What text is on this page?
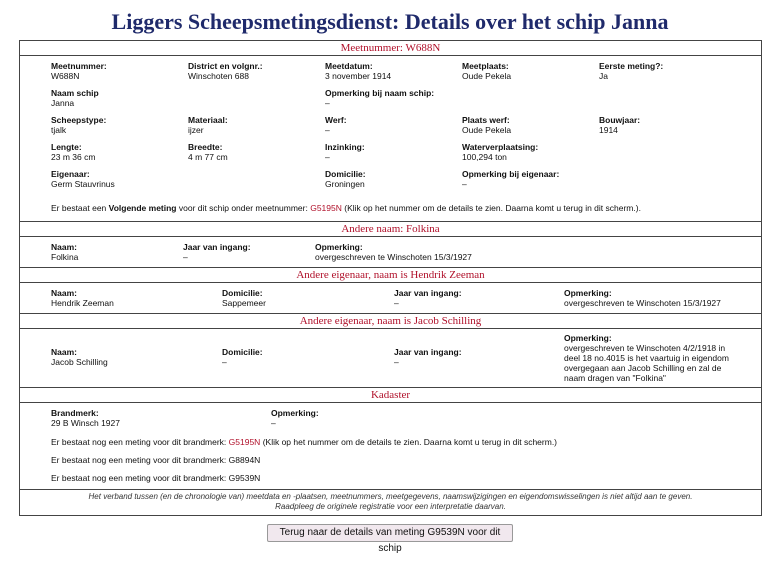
Liggers Scheepsmetingsdienst: Details over het schip Janna
Meetnummer: W688N
Meetnummer:
W688N
District en volgnr.:
Winschoten 688
Meetdatum:
3 november 1914
Meetplaats:
Oude Pekela
Eerste meting?:
Ja
Naam schip
Janna
Opmerking bij naam schip:
–
Scheepstype:
tjalk
Materiaal:
ijzer
Werf:
–
Plaats werf:
Oude Pekela
Bouwjaar:
1914
Lengte:
23 m 36 cm
Breedte:
4 m 77 cm
Inzinking:
–
Waterverplaatsing:
100,294 ton
Eigenaar:
Germ Stauvrinus
Domicilie:
Groningen
Opmerking bij eigenaar:
–
Er bestaat een Volgende meting voor dit schip onder meetnummer: G5195N (Klik op het nummer om de details te zien. Daarna komt u terug in dit scherm.).
Andere naam: Folkina
Naam:
Folkina
Jaar van ingang:
–
Opmerking:
overgeschreven te Winschoten 15/3/1927
Andere eigenaar, naam is Hendrik Zeeman
Naam:
Hendrik Zeeman
Domicilie:
Sappemeer
Jaar van ingang:
–
Opmerking:
overgeschreven te Winschoten 15/3/1927
Andere eigenaar, naam is Jacob Schilling
Naam:
Jacob Schilling
Domicilie:
–
Jaar van ingang:
–
Opmerking:
overgeschreven te Winschoten 4/2/1918 in
deel 18 no.4015 is het vaartuig in eigendom
overgegaan aan Jacob Schilling en zal de
naam dragen van "Folkina"
Kadaster
Brandmerk:
29 B Winsch 1927
Opmerking:
–
Er bestaat nog een meting voor dit brandmerk: G5195N (Klik op het nummer om de details te zien. Daarna komt u terug in dit scherm.)
Er bestaat nog een meting voor dit brandmerk: G8894N
Er bestaat nog een meting voor dit brandmerk: G9539N
Het verband tussen (en de chronologie van) meetdata en -plaatsen, meetnummers, meetgegevens, naamswijzigingen en eigendomswisselingen is niet altijd aan te geven.
Raadpleeg de originele registratie voor een interpretatie daarvan.
Terug naar de details van meting G9539N voor dit schip
